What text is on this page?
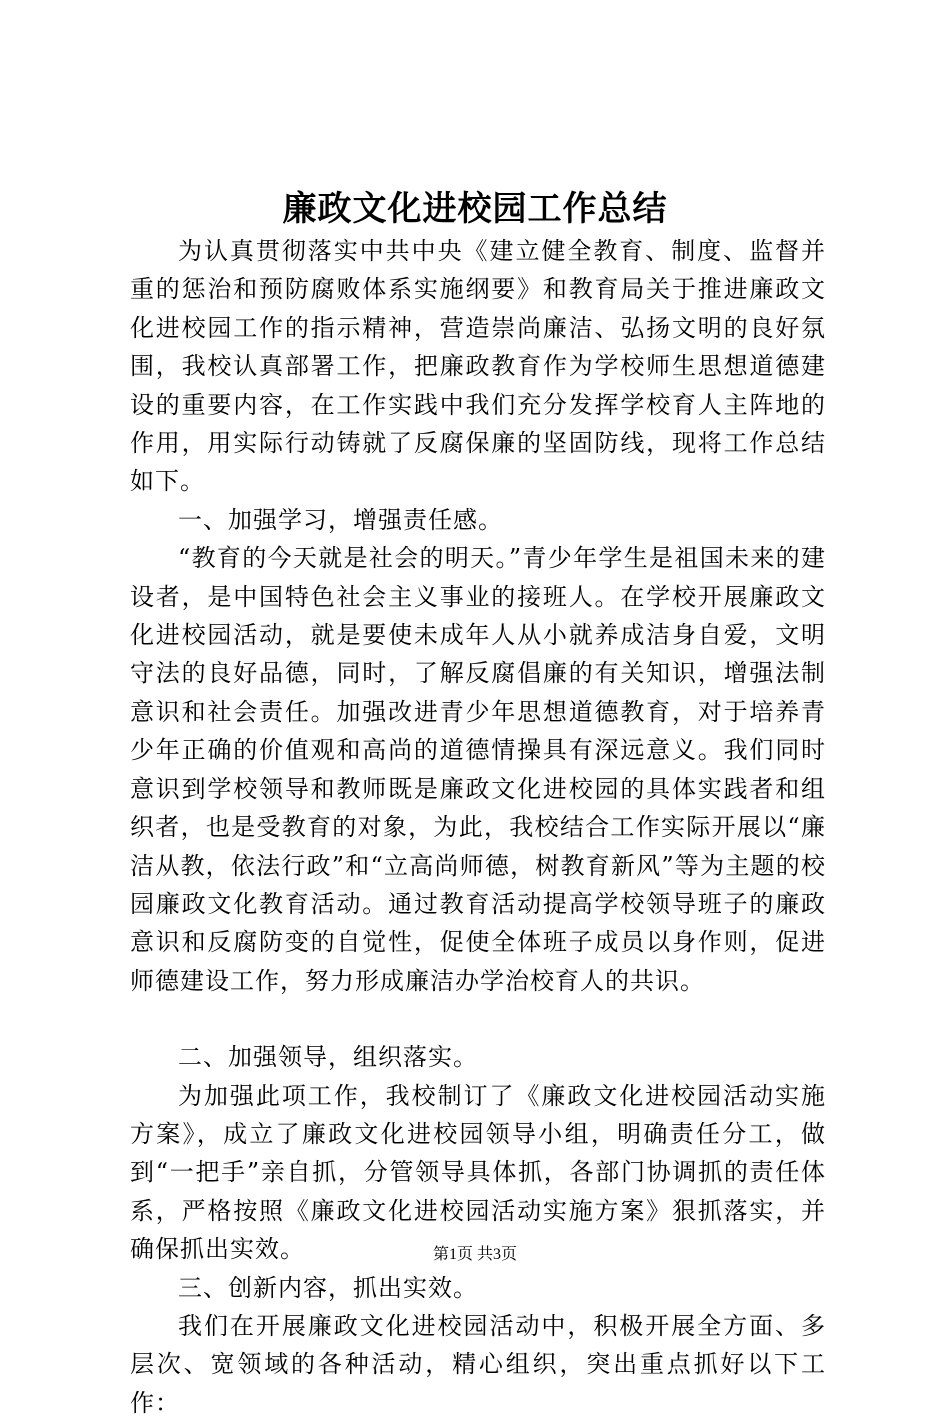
廉政文化进校园工作总结

为认真贯彻落实中共中央《建立健全教育、制度、监督并重的惩治和预防腐败体系实施纲要》和教育局关于推进廉政文化进校园工作的指示精神，营造崇尚廉洁、弘扬文明的良好氛围，我校认真部署工作，把廉政教育作为学校师生思想道德建设的重要内容，在工作实践中我们充分发挥学校育人主阵地的作用，用实际行动铸就了反腐保廉的坚固防线，现将工作总结如下。

一、加强学习，增强责任感。

“教育的今天就是社会的明天。”青少年学生是祖国未来的建设者，是中国特色社会主义事业的接班人。在学校开展廉政文化进校园活动，就是要使未成年人从小就养成洁身自爱，文明守法的良好品德，同时，了解反腐倡廉的有关知识，增强法制意识和社会责任。加强改进青少年思想道德教育，对于培养青少年正确的价值观和高尚的道德情操具有深远意义。我们同时意识到学校领导和教师既是廉政文化进校园的具体实践者和组织者，也是受教育的对象，为此，我校结合工作实际开展以“廉洁从教，依法行政”和“立高尚师德，树教育新风”等为主题的校园廉政文化教育活动。通过教育活动提高学校领导班子的廉政意识和反腐防变的自觉性，促使全体班子成员以身作则，促进师德建设工作，努力形成廉洁办学治校育人的共识。

二、加强领导，组织落实。

为加强此项工作，我校制订了《廉政文化进校园活动实施方案》，成立了廉政文化进校园领导小组，明确责任分工，做到“一把手”亲自抓，分管领导具体抓，各部门协调抓的责任体系，严格按照《廉政文化进校园活动实施方案》狠抓落实，并确保抓出实效。

三、创新内容，抓出实效。

我们在开展廉政文化进校园活动中，积极开展全方面、多层次、宽领域的各种活动，精心组织，突出重点抓好以下工作：

第1页 共3页
